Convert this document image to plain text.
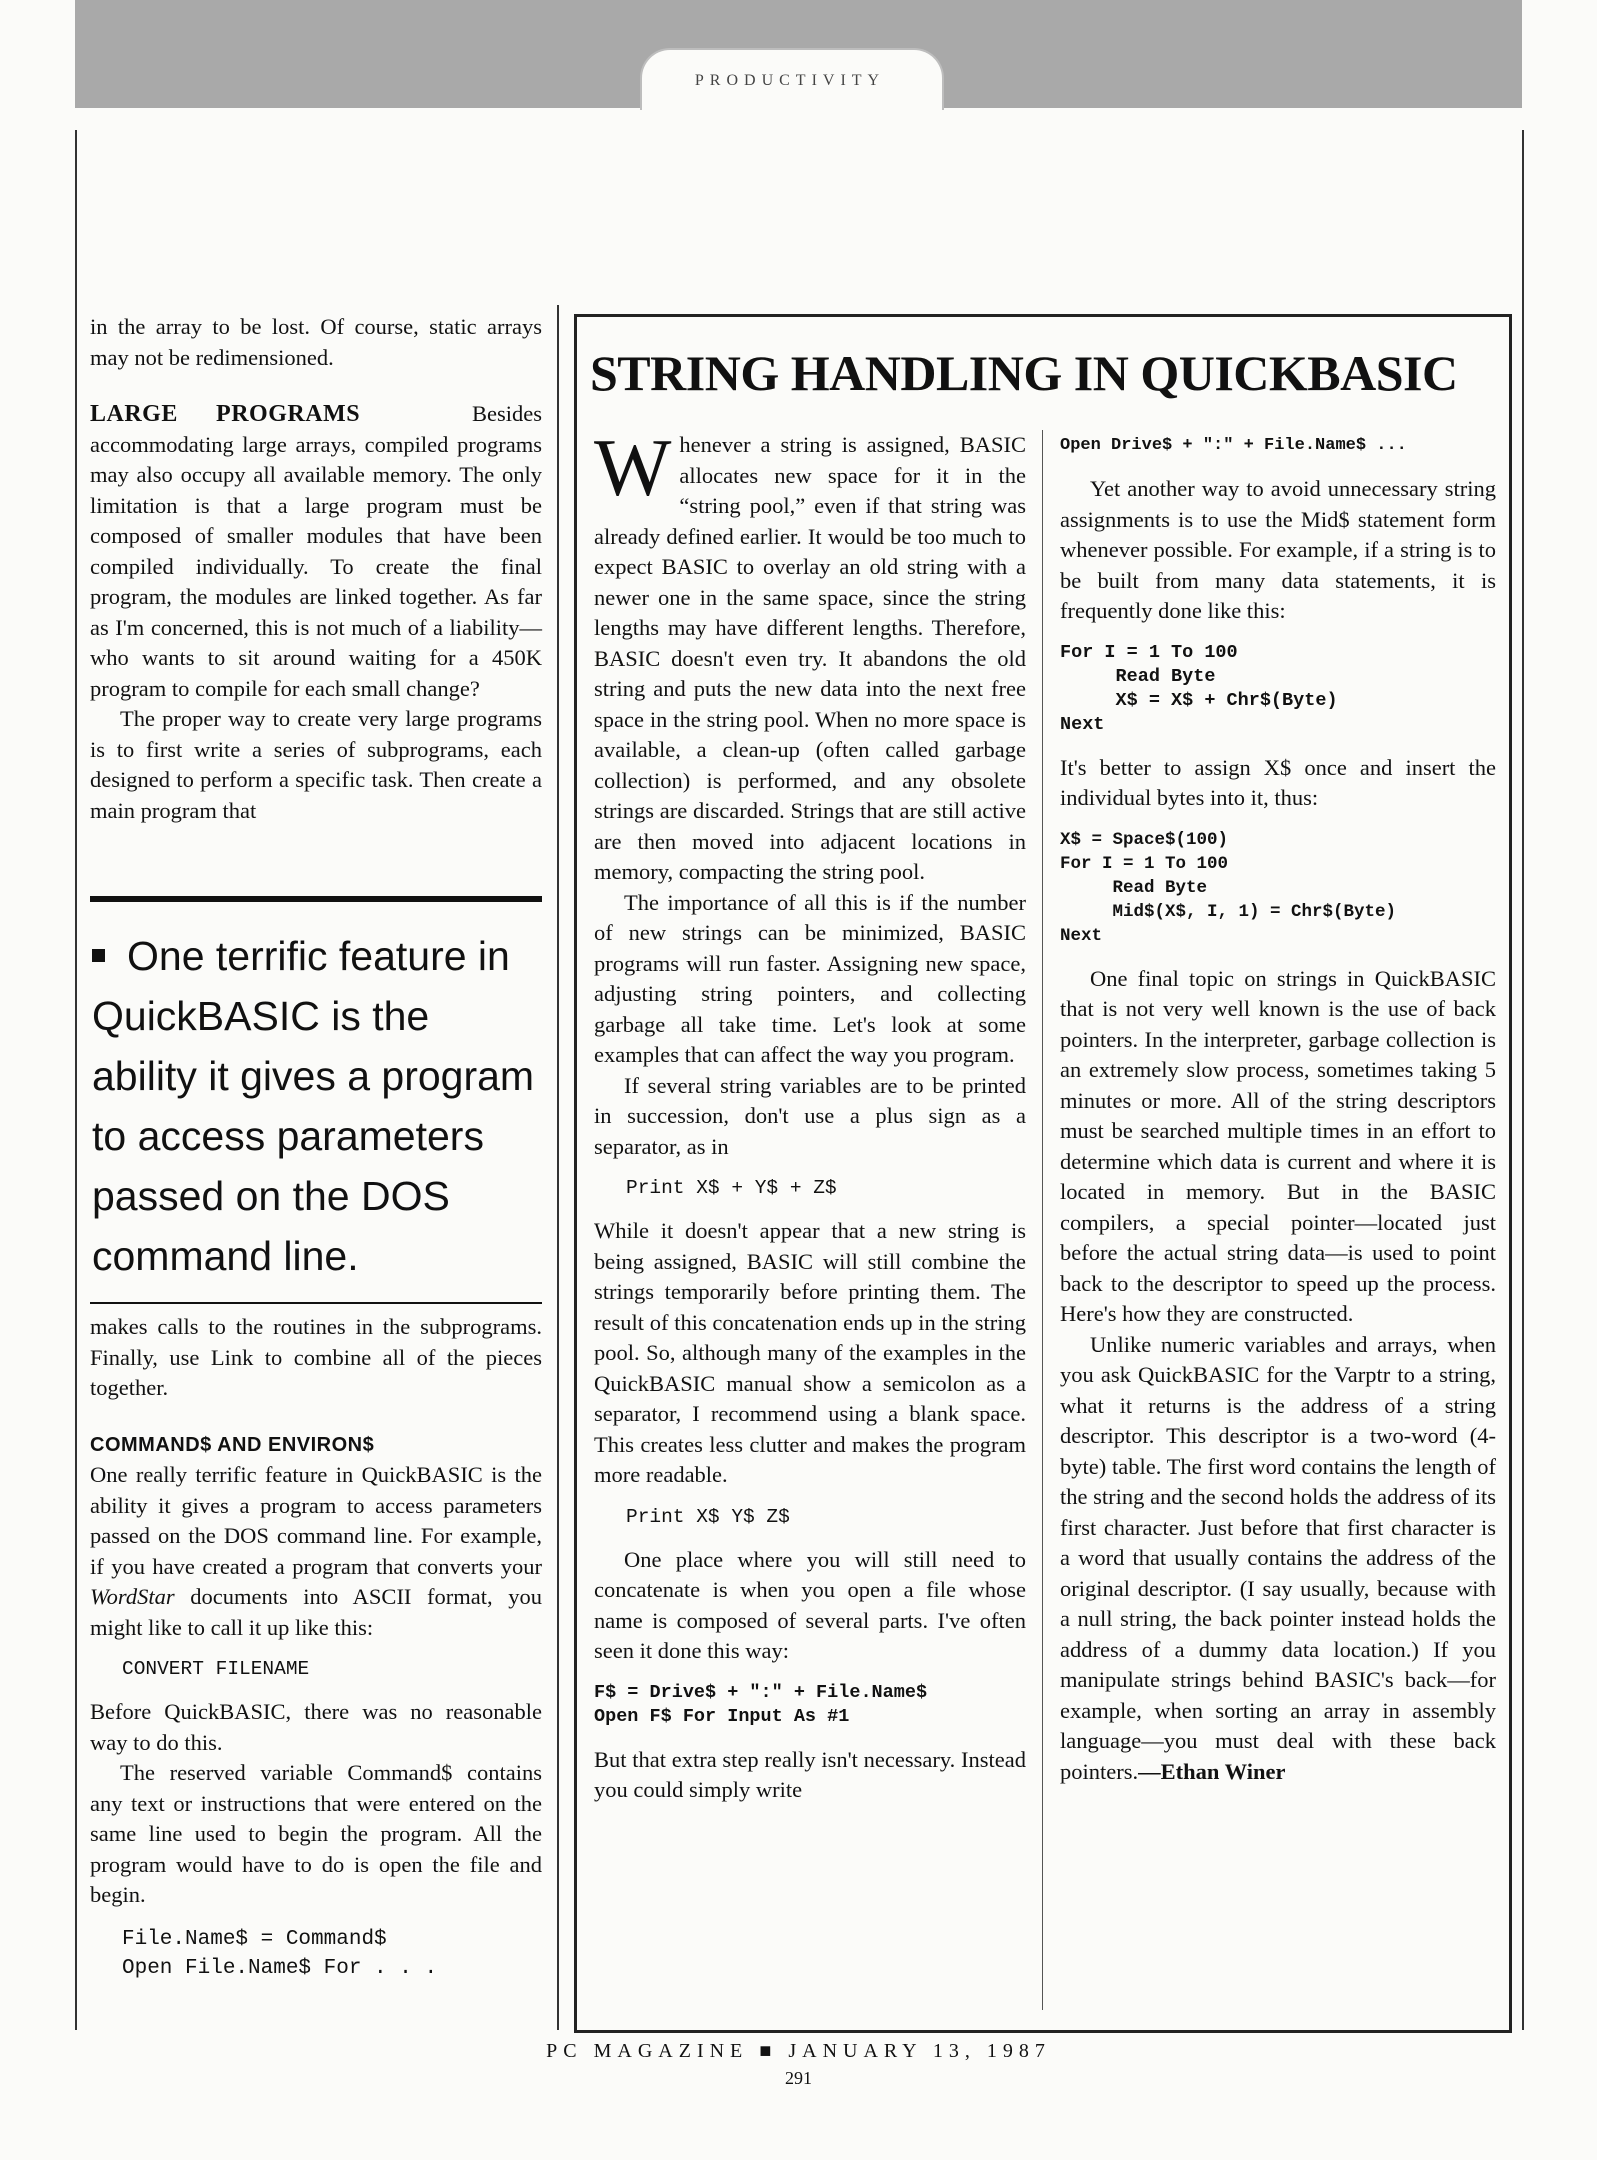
PRODUCTIVITY

in the array to be lost. Of course, static arrays may not be redimensioned.

LARGE PROGRAMS	Besides accommodating large arrays, compiled programs may also occupy all available memory. The only limitation is that a large program must be composed of smaller modules that have been compiled individually. To create the final program, the modules are linked together. As far as I'm concerned, this is not much of a liability—who wants to sit around waiting for a 450K program to compile for each small change?

The proper way to create very large programs is to first write a series of subprograms, each designed to perform a specific task. Then create a main program that

One terrific feature in QuickBASIC is the ability it gives a program to access parameters passed on the DOS command line.

makes calls to the routines in the subprograms. Finally, use Link to combine all of the pieces together.

COMMAND$ AND ENVIRON$

One really terrific feature in QuickBASIC is the ability it gives a program to access parameters passed on the DOS command line. For example, if you have created a program that converts your WordStar documents into ASCII format, you might like to call it up like this:

CONVERT FILENAME

Before QuickBASIC, there was no reasonable way to do this.

The reserved variable Command$ contains any text or instructions that were entered on the same line used to begin the program. All the program would have to do is open the file and begin.

File.Name$ = Command$
Open File.Name$ For . . .
STRING HANDLING IN QUICKBASIC

Whenever a string is assigned, BASIC allocates new space for it in the “string pool,” even if that string was already defined earlier. It would be too much to expect BASIC to overlay an old string with a newer one in the same space, since the string lengths may have different lengths. Therefore, BASIC doesn't even try. It abandons the old string and puts the new data into the next free space in the string pool. When no more space is available, a clean-up (often called garbage collection) is performed, and any obsolete strings are discarded. Strings that are still active are then moved into adjacent locations in memory, compacting the string pool.

The importance of all this is if the number of new strings can be minimized, BASIC programs will run faster. Assigning new space, adjusting string pointers, and collecting garbage all take time. Let's look at some examples that can affect the way you program.

If several string variables are to be printed in succession, don't use a plus sign as a separator, as in

Print X$ + Y$ + Z$

While it doesn't appear that a new string is being assigned, BASIC will still combine the strings temporarily before printing them. The result of this concatenation ends up in the string pool. So, although many of the examples in the QuickBASIC manual show a semicolon as a separator, I recommend using a blank space. This creates less clutter and makes the program more readable.

Print X$ Y$ Z$

One place where you will still need to concatenate is when you open a file whose name is composed of several parts. I've often seen it done this way:

F$ = Drive$ + ":" + File.Name$
Open F$ For Input As #1

But that extra step really isn't necessary. Instead you could simply write

Open Drive$ + ":" + File.Name$ ...

Yet another way to avoid unnecessary string assignments is to use the Mid$ statement form whenever possible. For example, if a string is to be built from many data statements, it is frequently done like this:

For I = 1 To 100
Read Byte
X$ = X$ + Chr$(Byte)
Next

It's better to assign X$ once and insert the individual bytes into it, thus:

X$ = Space$(100)
For I = 1 To 100
Read Byte
Mid$(X$, I, 1) = Chr$(Byte)
Next

One final topic on strings in QuickBASIC that is not very well known is the use of back pointers. In the interpreter, garbage collection is an extremely slow process, sometimes taking 5 minutes or more. All of the string descriptors must be searched multiple times in an effort to determine which data is current and where it is located in memory. But in the BASIC compilers, a special pointer—located just before the actual string data—is used to point back to the descriptor to speed up the process. Here's how they are constructed.

Unlike numeric variables and arrays, when you ask QuickBASIC for the Varptr to a string, what it returns is the address of a string descriptor. This descriptor is a two-word (4-byte) table. The first word contains the length of the string and the second holds the address of its first character. Just before that first character is a word that usually contains the address of the original descriptor. (I say usually, because with a null string, the back pointer instead holds the address of a dummy data location.) If you manipulate strings behind BASIC's back—for example, when sorting an array in assembly language—you must deal with these back pointers.—Ethan Winer

PC MAGAZINE ■ JANUARY 13, 1987
291
